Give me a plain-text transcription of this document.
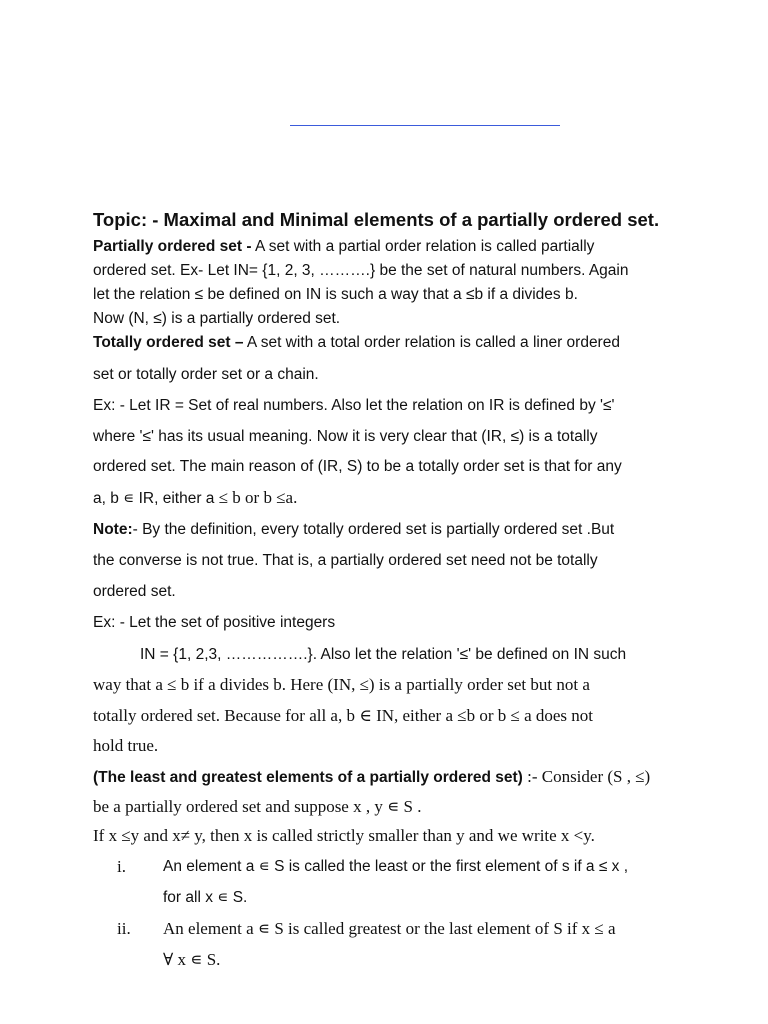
Topic: - Maximal and Minimal elements of a partially ordered set.
Partially ordered set - A set with a partial order relation is called partially
ordered set. Ex- Let IN= {1, 2, 3, ……….} be the set of natural numbers. Again
let the relation ≤ be defined on IN is such a way that a ≤b if a divides b.
Now (N, ≤) is a partially ordered set.
Totally ordered set – A set with a total order relation is called a liner ordered
set or totally order set or a chain.
Ex: - Let IR = Set of real numbers. Also let the relation on IR is defined by '≤'
where '≤' has its usual meaning. Now it is very clear that (IR, ≤) is a totally
ordered set. The main reason of (IR, S) to be a totally order set is that for any
a, b ∊ IR, either a ≤ b or b ≤a.
Note:- By the definition, every totally ordered set is partially ordered set .But
the converse is not true. That is, a partially ordered set need not be totally
ordered set.
Ex: - Let the set of positive integers
IN = {1, 2,3, …………….}. Also let the relation '≤' be defined on IN such
way that a ≤ b if a divides b. Here (IN, ≤) is a partially order set but not a
totally ordered set. Because for all a, b ∈ IN, either a ≤b or b ≤ a does not
hold true.
(The least and greatest elements of a partially ordered set) :- Consider (S , ≤)
be a partially ordered set and suppose x , y ∊ S .
If x ≤y and x≠ y, then x is called strictly smaller than y and we write x <y.
i. An element a ∊ S is called the least or the first element of s if a ≤ x ,
for all x ∊ S.
ii. An element a ∊ S is called greatest or the last element of S if x ≤ a
∀ x ∊ S.
